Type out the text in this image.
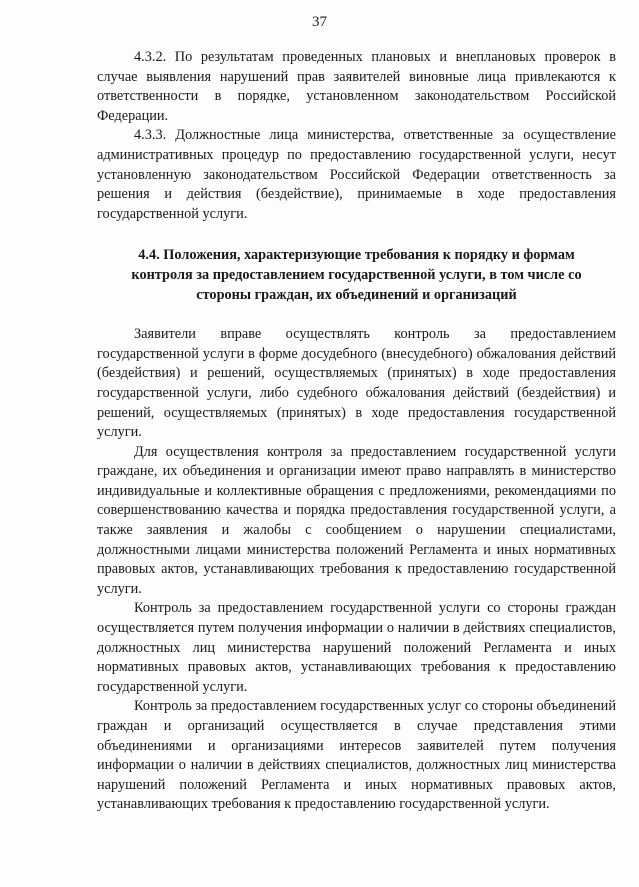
37

4.3.2. По результатам проведенных плановых и внеплановых проверок в случае выявления нарушений прав заявителей виновные лица привлекаются к ответственности в порядке, установленном законодательством Российской Федерации.

4.3.3. Должностные лица министерства, ответственные за осуществление административных процедур по предоставлению государственной услуги, несут установленную законодательством Российской Федерации ответственность за решения и действия (бездействие), принимаемые в ходе предоставления государственной услуги.

4.4. Положения, характеризующие требования к порядку и формам контроля за предоставлением государственной услуги, в том числе со стороны граждан, их объединений и организаций

Заявители вправе осуществлять контроль за предоставлением государственной услуги в форме досудебного (внесудебного) обжалования действий (бездействия) и решений, осуществляемых (принятых) в ходе предоставления государственной услуги, либо судебного обжалования действий (бездействия) и решений, осуществляемых (принятых) в ходе предоставления государственной услуги.

Для осуществления контроля за предоставлением государственной услуги граждане, их объединения и организации имеют право направлять в министерство индивидуальные и коллективные обращения с предложениями, рекомендациями по совершенствованию качества и порядка предоставления государственной услуги, а также заявления и жалобы с сообщением о нарушении специалистами, должностными лицами министерства положений Регламента и иных нормативных правовых актов, устанавливающих требования к предоставлению государственной услуги.

Контроль за предоставлением государственной услуги со стороны граждан осуществляется путем получения информации о наличии в действиях специалистов, должностных лиц министерства нарушений положений Регламента и иных нормативных правовых актов, устанавливающих требования к предоставлению государственной услуги.

Контроль за предоставлением государственных услуг со стороны объединений граждан и организаций осуществляется в случае представления этими объединениями и организациями интересов заявителей путем получения информации о наличии в действиях специалистов, должностных лиц министерства нарушений положений Регламента и иных нормативных правовых актов, устанавливающих требования к предоставлению государственной услуги.
